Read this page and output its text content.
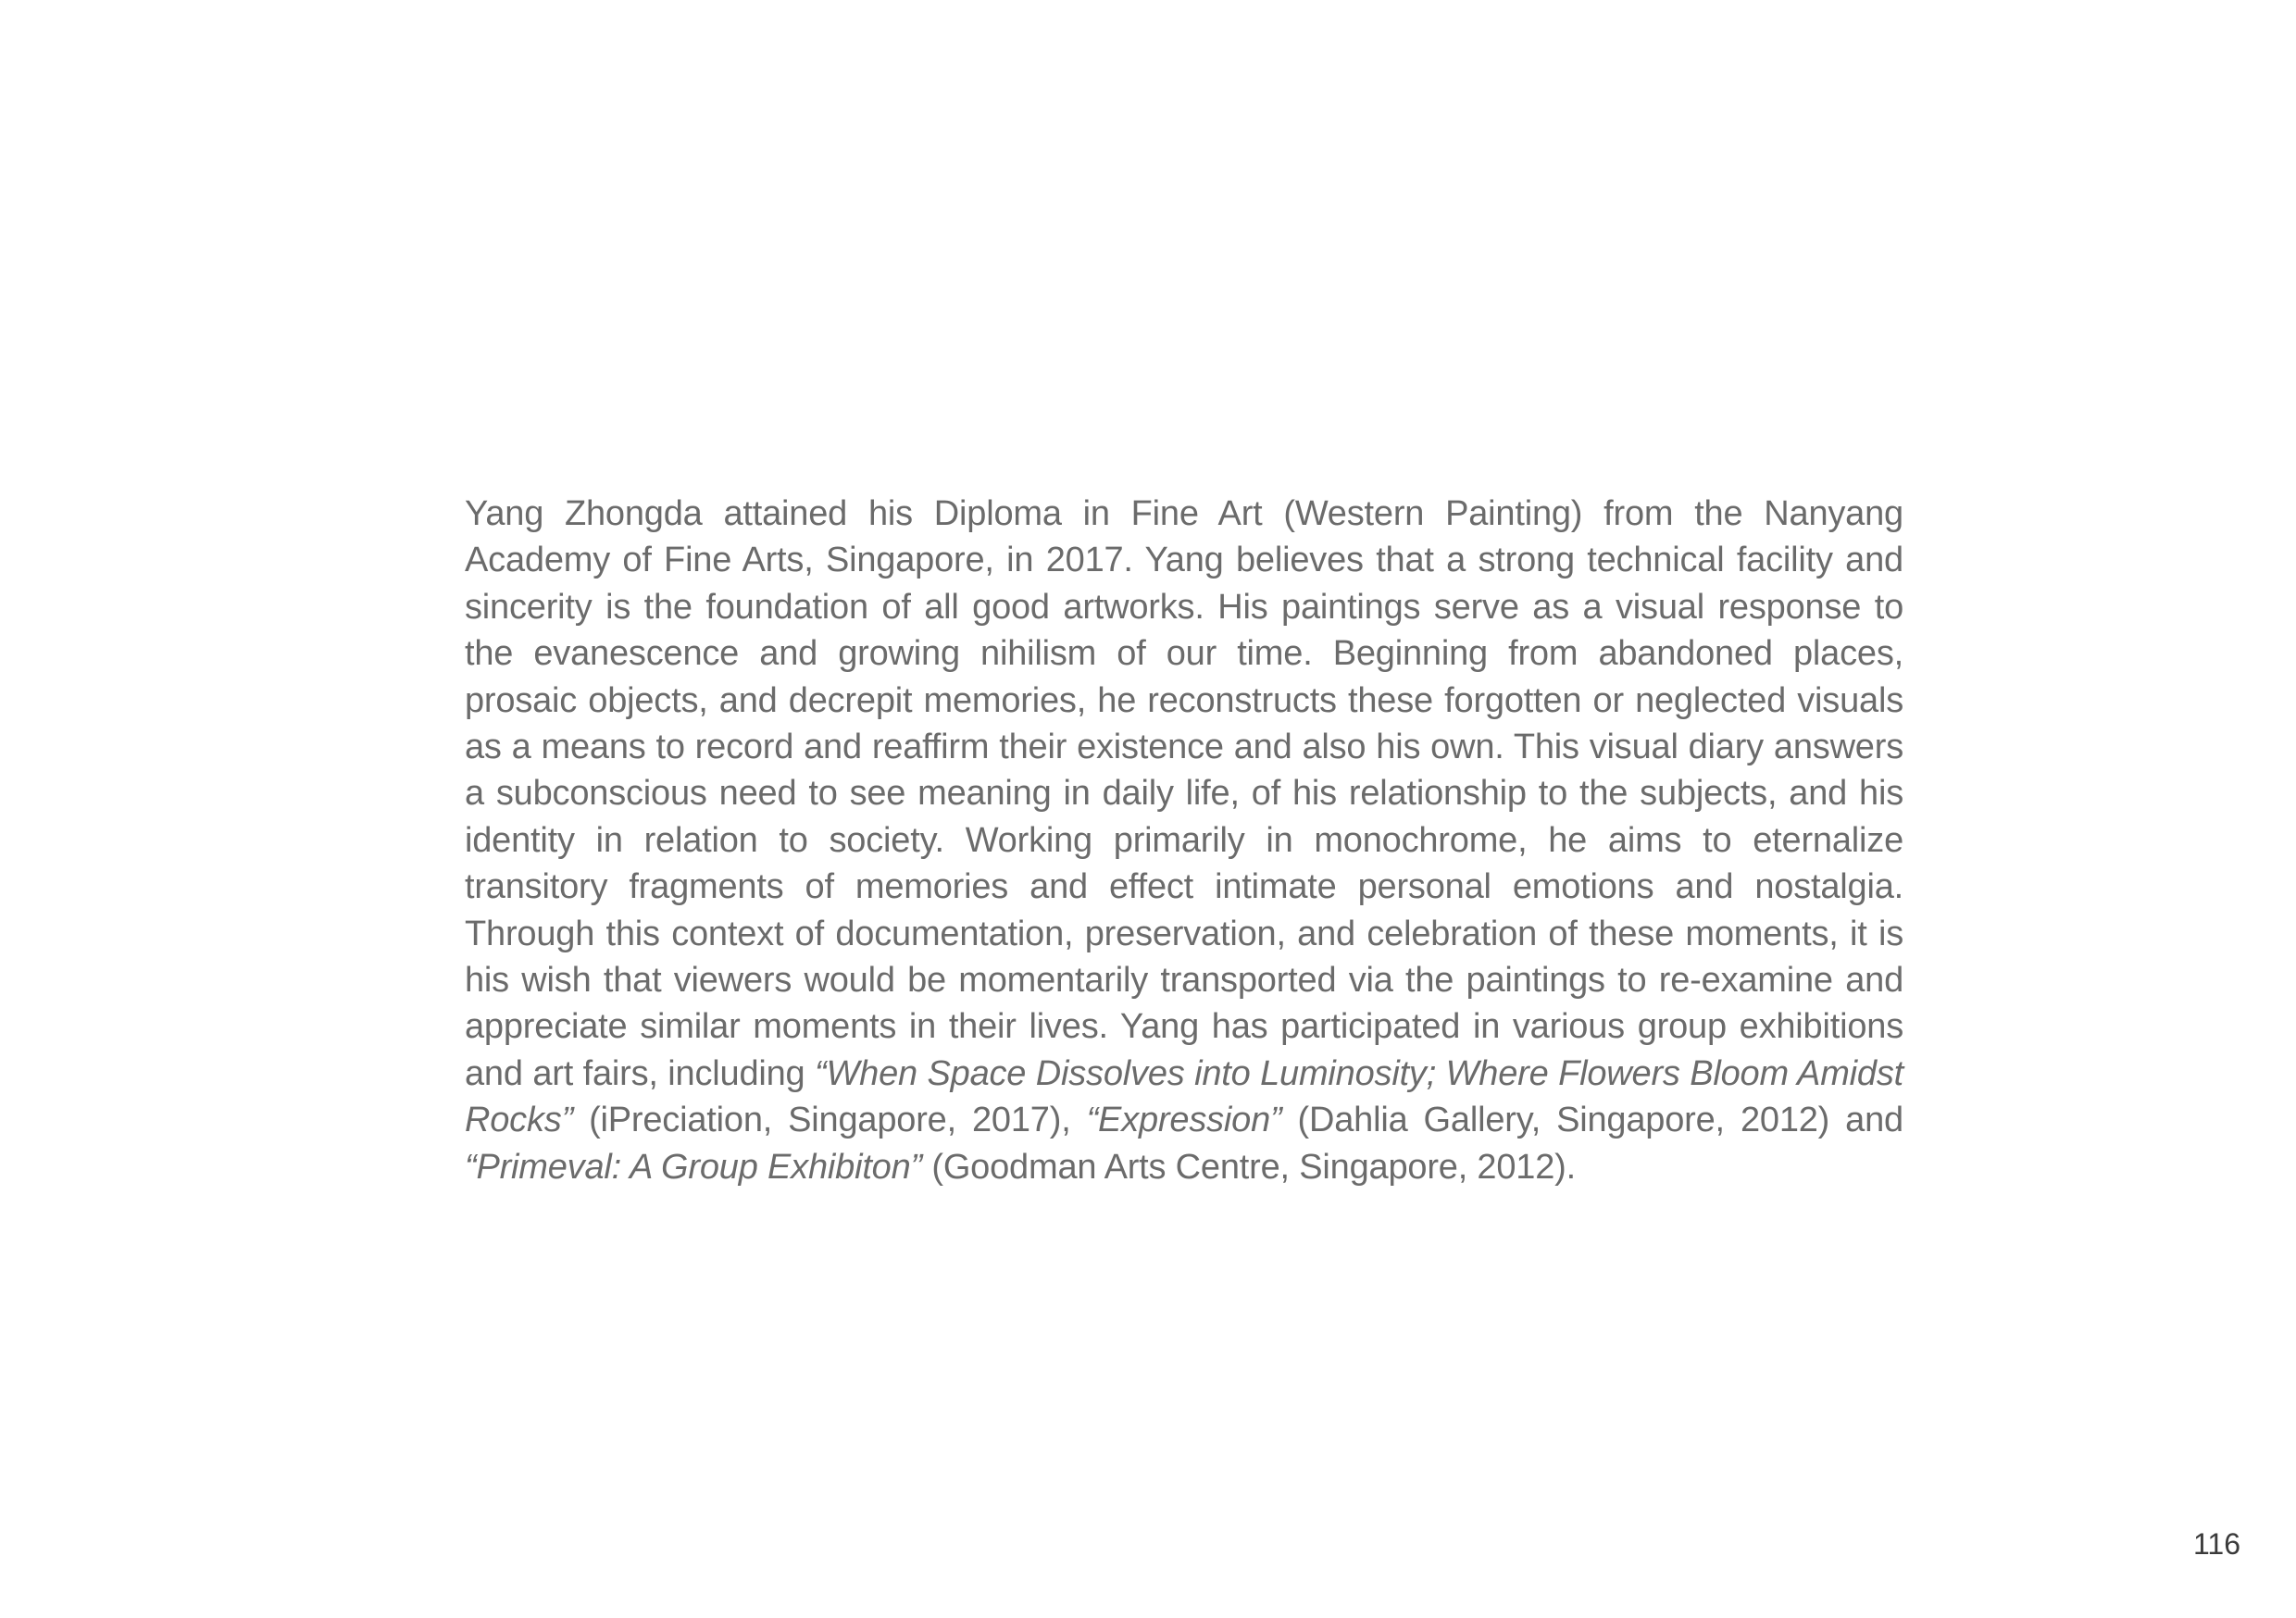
Yang Zhongda attained his Diploma in Fine Art (Western Painting) from the Nanyang Academy of Fine Arts, Singapore, in 2017. Yang believes that a strong technical facility and sincerity is the foundation of all good artworks. His paintings serve as a visual response to the evanescence and growing nihilism of our time. Beginning from abandoned places, prosaic objects, and decrepit memories, he reconstructs these forgotten or neglected visuals as a means to record and reaffirm their existence and also his own. This visual diary answers a subconscious need to see meaning in daily life, of his relationship to the subjects, and his identity in relation to society. Working primarily in monochrome, he aims to eternalize transitory fragments of memories and effect intimate personal emotions and nostalgia. Through this context of documentation, preservation, and celebration of these moments, it is his wish that viewers would be momentarily transported via the paintings to re-examine and appreciate similar moments in their lives. Yang has participated in various group exhibitions and art fairs, including “When Space Dissolves into Luminosity; Where Flowers Bloom Amidst Rocks” (iPreciation, Singapore, 2017), “Expression” (Dahlia Gallery, Singapore, 2012) and “Primeval: A Group Exhibiton” (Goodman Arts Centre, Singapore, 2012).

116
